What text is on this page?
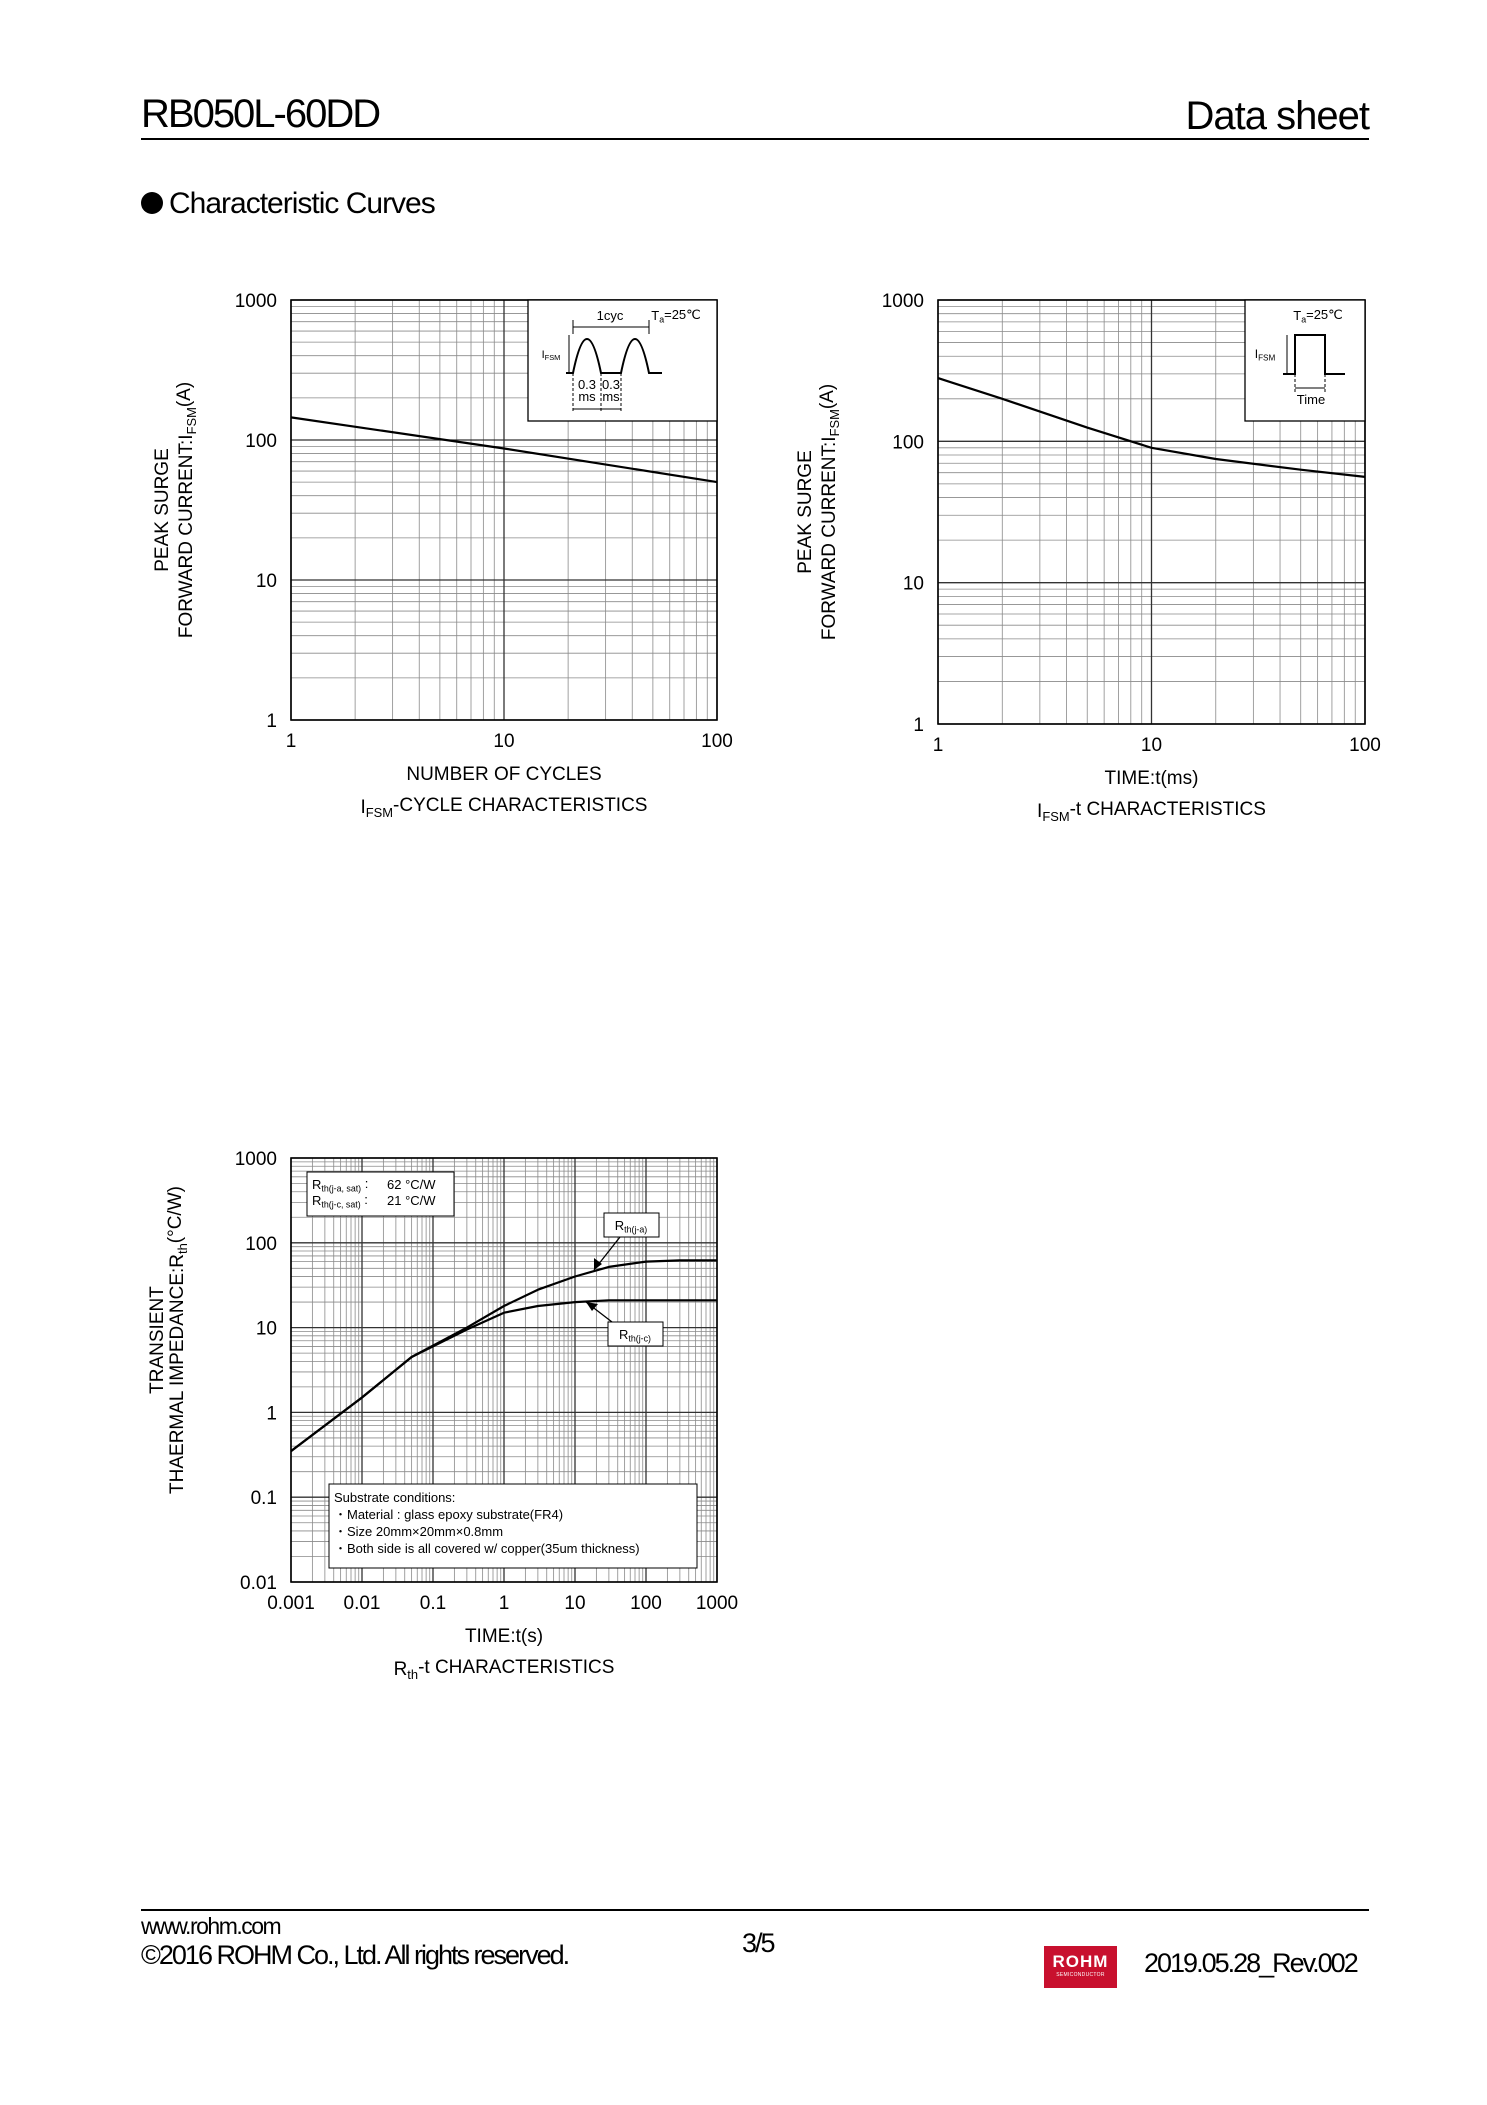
RB050L-60DD	Data sheet
Characteristic Curves
1	10	100
1000
100
10
1
NUMBER OF CYCLES
$I_{FSM}$-CYCLE CHARACTERISTICS
PEAK SURGE FORWARD $CURRENT:I_{FSM}(A)$
1cyc $T_a=25℃$
$I_{FSM}$
0.3
ms
0.3
ms
1	10	100
1000
100
10
1
TIME:t(ms)
$I_{FSM}-t$ CHARACTERISTICS
PEAK SURGE FORWARD $CURRENT:I_{FSM}(A)$
$T_a=25℃$
$I_{FSM}$
Time
0.001 0.01 0.1	1	10 100 1000
1000
100
10
1
0.1
0.01
TIME:t(s)
$R_{th}-t$ CHARACTERISTICS
TRANSIENT THAERMAL $IMPEDANCE:R_{th}(^\circ C/W)$
$R_{th(j-a, sat)}$ : 62 °C/W
$R_{th(j-c, sat)}$ : 21 °C/W
$R_{th(j-a)}$
$R_{th(j-c)}$
Substrate conditions:
・Material : glass epoxy substrate(FR4)
・Size 20mm×20mm×0.8mm
・Both side is all covered w/ copper(35um thickness)
www.rohm.com
©2016 ROHM Co., Ltd. All rights reserved.	3/5
ROHM
SEMICONDUCTOR	2019.05.28_Rev.002
